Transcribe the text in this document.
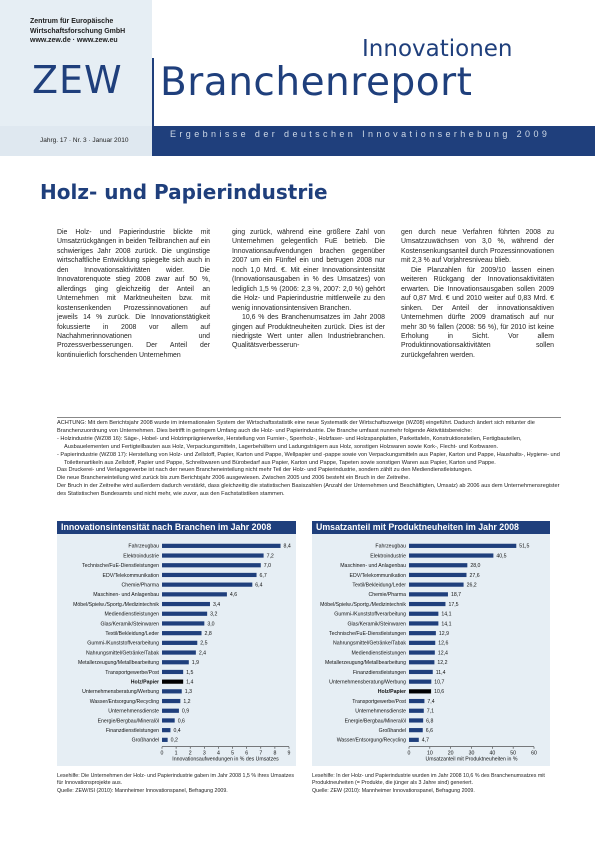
Zentrum für Europäische
Wirtschaftsforschung GmbH
www.zew.de · www.zew.eu
ZEW
Innovationen
Branchenreport
Jahrg. 17 · Nr. 3 · Januar 2010
Ergebnisse der deutschen Innovationserhebung 2009
Holz- und Papierindustrie

Die Holz- und Papierindustrie blickte mit Umsatzrückgängen in beiden Teilbranchen auf ein schwieriges Jahr 2008 zurück. Die ungünstige wirtschaftliche Entwicklung spiegelte sich auch in den Innovationsaktivitäten wider. Die Innovatorenquote stieg 2008 zwar auf 50 %, allerdings ging gleichzeitig der Anteil an Unternehmen mit Marktneuheiten bzw. mit kostensenkenden Prozessinnovationen auf jeweils 14 % zurück. Die Innovationstätigkeit fokussierte in 2008 vor allem auf Nachahmerinnovationen und Prozessverbesserungen. Der Anteil der kontinuierlich forschenden Unternehmen

ging zurück, während eine größere Zahl von Unternehmen gelegentlich FuE betrieb. Die Innovationsaufwendungen brachen gegenüber 2007 um ein Fünftel ein und betrugen 2008 nur noch 1,0 Mrd. €. Mit einer Innovationsintensität (Innovationsausgaben in % des Umsatzes) von lediglich 1,5 % (2006: 2,3 %, 2007: 2,0 %) gehört die Holz- und Papierindustrie mittlerweile zu den wenig innovationsintensiven Branchen.

10,6 % des Branchenumsatzes im Jahr 2008 gingen auf Produktneuheiten zurück. Dies ist der niedrigste Wert unter allen Industriebranchen. Qualitätsverbesserun-

gen durch neue Verfahren führten 2008 zu Umsatzzuwächsen von 3,0 %, während der Kostensenkungsanteil durch Prozessinnovationen mit 2,3 % auf Vorjahresniveau blieb.

Die Planzahlen für 2009/10 lassen einen weiteren Rückgang der Innovationsaktivitäten erwarten. Die Innovationsausgaben sollen 2009 auf 0,87 Mrd. € und 2010 weiter auf 0,83 Mrd. € sinken. Der Anteil der innovationsaktiven Unternehmen dürfte 2009 dramatisch auf nur mehr 30 % fallen (2008: 56 %), für 2010 ist keine Erholung in Sicht. Vor allem Produktinnovationsaktivitäten sollen zurückgefahren werden.

ACHTUNG: Mit dem Berichtsjahr 2008 wurde im internationalen System der Wirtschaftsstatistik eine neue Systematik der Wirtschaftszweige (WZ08) eingeführt. Dadurch ändert sich mitunter die Branchenzuordnung von Unternehmen. Dies betrifft in geringem Umfang auch die Holz- und Papierindustrie. Die Branche umfasst nunmehr folgende Aktivitätsbereiche:
- Holzindustrie (WZ08 16): Säge-, Hobel- und Holzimprägnierwerke, Herstellung von Furnier-, Sperrholz-, Holzfaser- und Holzspanplatten, Parkettafeln, Konstruktionsteilen, Fertigbauteilen, Ausbauelementen und Fertigteilbauten aus Holz, Verpackungsmitteln, Lagerbehältern und Ladungsträgern aus Holz, sonstigen Holzwaren sowie Kork-, Flecht- und Korbwaren.
- Papierindustrie (WZ08 17): Herstellung von Holz- und Zellstoff, Papier, Karton und Pappe, Wellpapier und -pappe sowie von Verpackungsmitteln aus Papier, Karton und Pappe, Haushalts-, Hygiene- und Toilettenartikeln aus Zellstoff, Papier und Pappe, Schreibwaren und Bürobedarf aus Papier, Karton und Pappe, Tapeten sowie sonstigen Waren aus Papier, Karton und Pappe.
Das Druckerei- und Verlagsgewerbe ist nach der neuen Brancheneinteilung nicht mehr Teil der Holz- und Papierindustrie, sondern zählt zu den Mediendienstleistungen.
Die neue Brancheneinteilung wird zurück bis zum Berichtsjahr 2006 ausgewiesen. Zwischen 2005 und 2006 besteht ein Bruch in der Zeitreihe.
Der Bruch in der Zeitreihe wird außerdem dadurch verstärkt, dass gleichzeitig die statistischen Basiszahlen (Anzahl der Unternehmen und Beschäftigten, Umsatz) ab 2006 aus dem Unternehmensregister des Statistischen Bundesamts und nicht mehr, wie zuvor, aus den Fachstatistiken stammen.
Innovationsintensität nach Branchen im Jahr 2008
Fahrzeugbau	8,4
Elektroindustrie	7,2
Technische/FuE-Dienstleistungen	7,0
EDV/Telekommunikation	6,7
Chemie/Pharma	6,4
Maschinen- und Anlagenbau	4,6
Möbel/Spielw./Sportg./Medizintechnik	3,4
Mediendienstleistungen	3,2
Glas/Keramik/Steinwaren	3,0
Textil/Bekleidung/Leder	2,8
Gummi-/Kunststoffverarbeitung	2,5
Nahrungsmittel/Getränke/Tabak	2,4
Metallerzeugung/Metallbearbeitung	1,9
Transportgewerbe/Post	1,5
Holz/Papier	1,4
Unternehmensberatung/Werbung	1,3
Wasser/Entsorgung/Recycling	1,2
Unternehmensdienste	0,9
Energie/Bergbau/Mineralöl	0,6
Finanzdienstleistungen	0,4
Großhandel 0,2
0 1 2 3 4 5 6 7 8 9
Innovationsaufwendungen in % des Umsatzes
Umsatzanteil mit Produktneuheiten im Jahr 2008
Fahrzeugbau	51,5
Elektroindustrie	40,5
Maschinen- und Anlagenbau	28,0
EDV/Telekommunikation	27,6
Textil/Bekleidung/Leder	26,2
Chemie/Pharma	18,7
Möbel/Spielw./Sportg./Medizintechnik	17,5
Gummi-/Kunststoffverarbeitung	14,1
Glas/Keramik/Steinwaren	14,1
Technische/FuE-Dienstleistungen	12,9
Nahrungsmittel/Getränke/Tabak	12,6
Mediendienstleistungen	12,4
Metallerzeugung/Metallbearbeitung	12,2
Finanzdienstleistungen	11,4
Unternehmensberatung/Werbung	10,7
Holz/Papier	10,6
Transportgewerbe/Post	7,4
Unternehmensdienste	7,1
Energie/Bergbau/Mineralöl	6,8
Großhandel	6,6
Wasser/Entsorgung/Recycling	4,7
0	10	20	30	40	50	60
Umsatzanteil mit Produktneuheiten in %
Lesehilfe: Die Unternehmen der Holz- und Papierindustrie gaben im Jahr 2008 1,5 % ihres Umsatzes für Innovationsprojekte aus.
Quelle: ZEW/ISI (2010): Mannheimer Innovationspanel, Befragung 2009.
Lesehilfe: In der Holz- und Papierindustrie wurden im Jahr 2008 10,6 % des Branchenumsatzes mit Produktneuheiten (= Produkte, die jünger als 3 Jahre sind) generiert.
Quelle: ZEW (2010): Mannheimer Innovationspanel, Befragung 2009.
